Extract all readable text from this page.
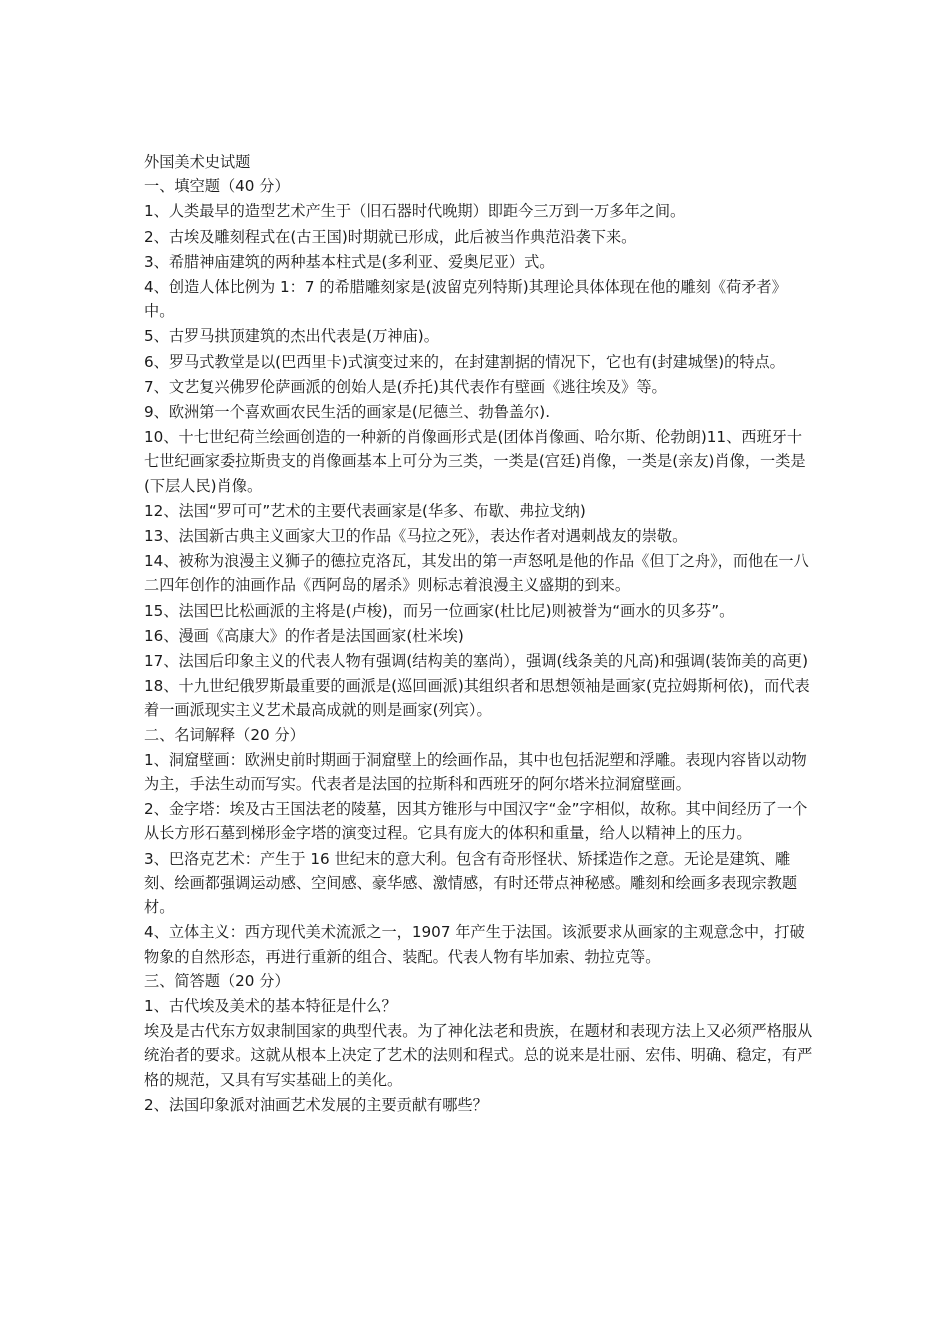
外国美术史试题

一、填空题（40 分）

1、人类最早的造型艺术产生于（旧石器时代晚期）即距今三万到一万多年之间。

2、古埃及雕刻程式在(古王国)时期就已形成，此后被当作典范沿袭下来。

3、希腊神庙建筑的两种基本柱式是(多利亚、爱奥尼亚）式。

4、创造人体比例为 1：7 的希腊雕刻家是(波留克列特斯)其理论具体体现在他的雕刻《荷矛者》中。

5、古罗马拱顶建筑的杰出代表是(万神庙)。

6、罗马式教堂是以(巴西里卡)式演变过来的，在封建割据的情况下，它也有(封建城堡)的特点。

7、文艺复兴佛罗伦萨画派的创始人是(乔托)其代表作有壁画《逃往埃及》等。

9、欧洲第一个喜欢画农民生活的画家是(尼德兰、勃鲁盖尔).

10、十七世纪荷兰绘画创造的一种新的肖像画形式是(团体肖像画、哈尔斯、伦勃朗)11、西班牙十七世纪画家委拉斯贵支的肖像画基本上可分为三类，一类是(宫廷)肖像，一类是(亲友)肖像，一类是(下层人民)肖像。

12、法国“罗可可”艺术的主要代表画家是(华多、布歇、弗拉戈纳)

13、法国新古典主义画家大卫的作品《马拉之死》，表达作者对遇刺战友的崇敬。

14、被称为浪漫主义狮子的德拉克洛瓦，其发出的第一声怒吼是他的作品《但丁之舟》，而他在一八二四年创作的油画作品《西阿岛的屠杀》则标志着浪漫主义盛期的到来。

15、法国巴比松画派的主将是(卢梭)，而另一位画家(杜比尼)则被誉为“画水的贝多芬”。

16、漫画《高康大》的作者是法国画家(杜米埃)

17、法国后印象主义的代表人物有强调(结构美的塞尚），强调(线条美的凡高)和强调(装饰美的高更)

18、十九世纪俄罗斯最重要的画派是(巡回画派)其组织者和思想领袖是画家(克拉姆斯柯依)，而代表着一画派现实主义艺术最高成就的则是画家(列宾）。

二、名词解释（20 分）

1、洞窟壁画：欧洲史前时期画于洞窟壁上的绘画作品，其中也包括泥塑和浮雕。表现内容皆以动物为主，手法生动而写实。代表者是法国的拉斯科和西班牙的阿尔塔米拉洞窟壁画。

2、金字塔：埃及古王国法老的陵墓，因其方锥形与中国汉字“金”字相似，故称。其中间经历了一个从长方形石墓到梯形金字塔的演变过程。它具有庞大的体积和重量，给人以精神上的压力。

3、巴洛克艺术：产生于 16 世纪末的意大利。包含有奇形怪状、矫揉造作之意。无论是建筑、雕刻、绘画都强调运动感、空间感、豪华感、激情感，有时还带点神秘感。雕刻和绘画多表现宗教题材。

4、立体主义：西方现代美术流派之一，1907 年产生于法国。该派要求从画家的主观意念中，打破物象的自然形态，再进行重新的组合、装配。代表人物有毕加索、勃拉克等。

三、简答题（20 分）

1、古代埃及美术的基本特征是什么？

埃及是古代东方奴隶制国家的典型代表。为了神化法老和贵族，在题材和表现方法上又必须严格服从统治者的要求。这就从根本上决定了艺术的法则和程式。总的说来是壮丽、宏伟、明确、稳定，有严格的规范，又具有写实基础上的美化。

2、法国印象派对油画艺术发展的主要贡献有哪些？
